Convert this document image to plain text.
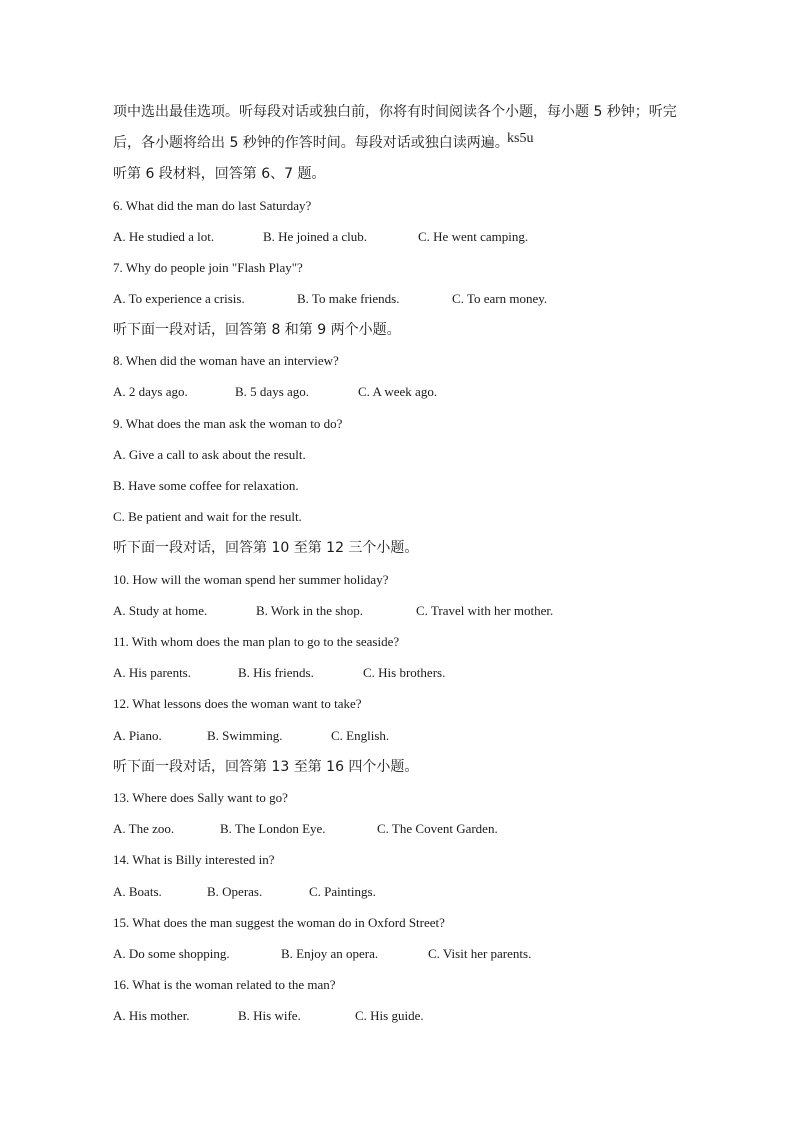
项中选出最佳选项。听每段对话或独白前，你将有时间阅读各个小题，每小题 5 秒钟；听完
后，各小题将给出 5 秒钟的作答时间。每段对话或独白读两遍。
ks5u
听第 6 段材料，回答第 6、7 题。
6. What did the man do last Saturday?
A. He studied a lot.	B. He joined a club.	C. He went camping.
7. Why do people join "Flash Play"?
A. To experience a crisis.	B. To make friends.	C. To earn money.
听下面一段对话，回答第 8 和第 9 两个小题。
8. When did the woman have an interview?
A. 2 days ago.	B. 5 days ago.	C. A week ago.
9. What does the man ask the woman to do?
A. Give a call to ask about the result.
B. Have some coffee for relaxation.
C. Be patient and wait for the result.
听下面一段对话，回答第 10 至第 12 三个小题。
10. How will the woman spend her summer holiday?
A. Study at home.	B. Work in the shop.	C. Travel with her mother.
11. With whom does the man plan to go to the seaside?
A. His parents.	B. His friends.	C. His brothers.
12. What lessons does the woman want to take?
A. Piano.	B. Swimming.	C. English.
听下面一段对话，回答第 13 至第 16 四个小题。
13. Where does Sally want to go?
A. The zoo.	B. The London Eye.	C. The Covent Garden.
14. What is Billy interested in?
A. Boats.	B. Operas.	C. Paintings.
15. What does the man suggest the woman do in Oxford Street?
A. Do some shopping.	B. Enjoy an opera.	C. Visit her parents.
16. What is the woman related to the man?
A. His mother.	B. His wife.	C. His guide.
